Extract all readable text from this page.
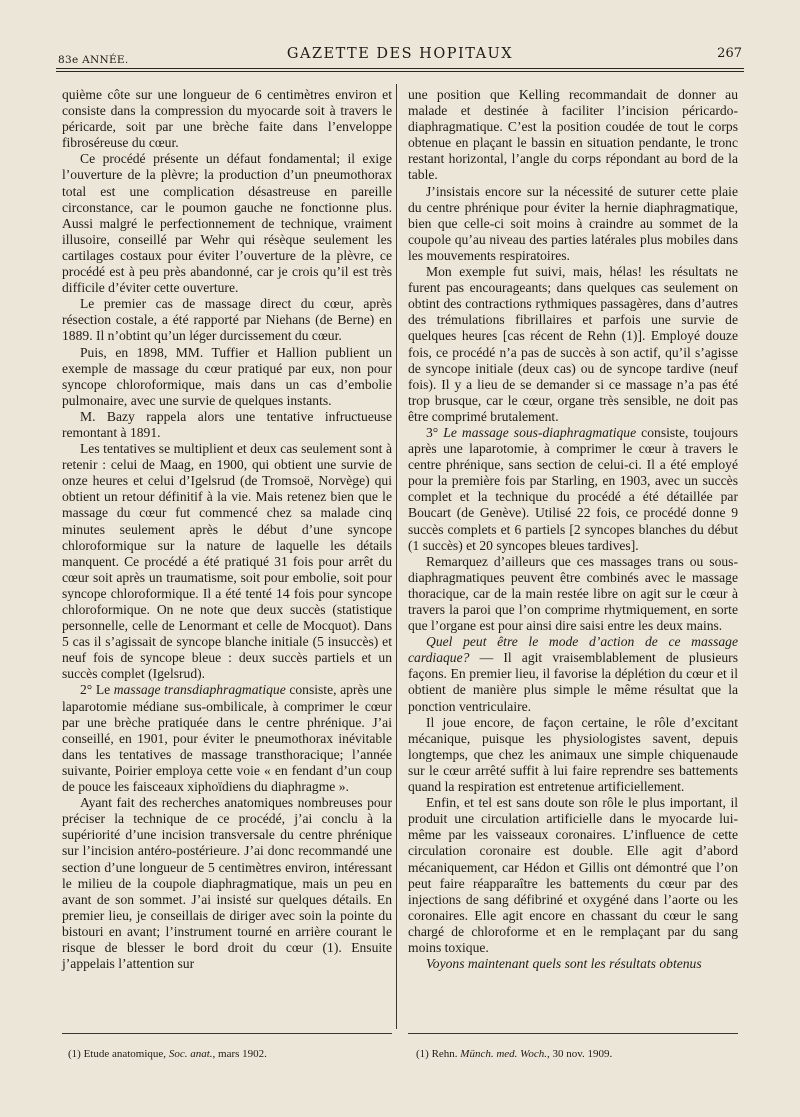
83e ANNÉE.	GAZETTE DES HOPITAUX	267

quième côte sur une longueur de 6 centimètres environ et consiste dans la compression du myocarde soit à travers le péricarde, soit par une brèche faite dans l’enveloppe fibroséreuse du cœur.

Ce procédé présente un défaut fondamental; il exige l’ouverture de la plèvre; la production d’un pneumothorax total est une complication désastreuse en pareille circonstance, car le poumon gauche ne fonctionne plus. Aussi malgré le perfectionnement de technique, vraiment illusoire, conseillé par Wehr qui résèque seulement les cartilages costaux pour éviter l’ouverture de la plèvre, ce procédé est à peu près abandonné, car je crois qu’il est très difficile d’éviter cette ouverture.

Le premier cas de massage direct du cœur, après résection costale, a été rapporté par Niehans (de Berne) en 1889. Il n’obtint qu’un léger durcissement du cœur.

Puis, en 1898, MM. Tuffier et Hallion publient un exemple de massage du cœur pratiqué par eux, non pour syncope chloroformique, mais dans un cas d’embolie pulmonaire, avec une survie de quelques instants.

M. Bazy rappela alors une tentative infructueuse remontant à 1891.

Les tentatives se multiplient et deux cas seulement sont à retenir : celui de Maag, en 1900, qui obtient une survie de onze heures et celui d’Igelsrud (de Tromsoë, Norvège) qui obtient un retour définitif à la vie. Mais retenez bien que le massage du cœur fut commencé chez sa malade cinq minutes seulement après le début d’une syncope chloroformique sur la nature de laquelle les détails manquent. Ce procédé a été pratiqué 31 fois pour arrêt du cœur soit après un traumatisme, soit pour embolie, soit pour syncope chloroformique. Il a été tenté 14 fois pour syncope chloroformique. On ne note que deux succès (statistique personnelle, celle de Lenormant et celle de Mocquot). Dans 5 cas il s’agissait de syncope blanche initiale (5 insuccès) et neuf fois de syncope bleue : deux succès partiels et un succès complet (Igelsrud).

2° Le massage transdiaphragmatique consiste, après une laparotomie médiane sus-ombilicale, à comprimer le cœur par une brèche pratiquée dans le centre phrénique. J’ai conseillé, en 1901, pour éviter le pneumothorax inévitable dans les tentatives de massage transthoracique; l’année suivante, Poirier employa cette voie « en fendant d’un coup de pouce les faisceaux xiphoïdiens du diaphragme ».

Ayant fait des recherches anatomiques nombreuses pour préciser la technique de ce procédé, j’ai conclu à la supériorité d’une incision transversale du centre phrénique sur l’incision antéro-postérieure. J’ai donc recommandé une section d’une longueur de 5 centimètres environ, intéressant le milieu de la coupole diaphragmatique, mais un peu en avant de son sommet. J’ai insisté sur quelques détails. En premier lieu, je conseillais de diriger avec soin la pointe du bistouri en avant; l’instrument tourné en arrière courant le risque de blesser le bord droit du cœur (1). Ensuite j’appelais l’attention sur

une position que Kelling recommandait de donner au malade et destinée à faciliter l’incision péricardo-diaphragmatique. C’est la position coudée de tout le corps obtenue en plaçant le bassin en situation pendante, le tronc restant horizontal, l’angle du corps répondant au bord de la table.

J’insistais encore sur la nécessité de suturer cette plaie du centre phrénique pour éviter la hernie diaphragmatique, bien que celle-ci soit moins à craindre au sommet de la coupole qu’au niveau des parties latérales plus mobiles dans les mouvements respiratoires.

Mon exemple fut suivi, mais, hélas! les résultats ne furent pas encourageants; dans quelques cas seulement on obtint des contractions rythmiques passagères, dans d’autres des trémulations fibrillaires et parfois une survie de quelques heures [cas récent de Rehn (1)]. Employé douze fois, ce procédé n’a pas de succès à son actif, qu’il s’agisse de syncope initiale (deux cas) ou de syncope tardive (neuf fois). Il y a lieu de se demander si ce massage n’a pas été trop brusque, car le cœur, organe très sensible, ne doit pas être comprimé brutalement.

3° Le massage sous-diaphragmatique consiste, toujours après une laparotomie, à comprimer le cœur à travers le centre phrénique, sans section de celui-ci. Il a été employé pour la première fois par Starling, en 1903, avec un succès complet et la technique du procédé a été détaillée par Boucart (de Genève). Utilisé 22 fois, ce procédé donne 9 succès complets et 6 partiels [2 syncopes blanches du début (1 succès) et 20 syncopes bleues tardives].

Remarquez d’ailleurs que ces massages trans ou sous-diaphragmatiques peuvent être combinés avec le massage thoracique, car de la main restée libre on agit sur le cœur à travers la paroi que l’on comprime rhytmiquement, en sorte que l’organe est pour ainsi dire saisi entre les deux mains.

Quel peut être le mode d’action de ce massage cardiaque? — Il agit vraisemblablement de plusieurs façons. En premier lieu, il favorise la déplétion du cœur et il obtient de manière plus simple le même résultat que la ponction ventriculaire.

Il joue encore, de façon certaine, le rôle d’excitant mécanique, puisque les physiologistes savent, depuis longtemps, que chez les animaux une simple chiquenaude sur le cœur arrêté suffit à lui faire reprendre ses battements quand la respiration est entretenue artificiellement.

Enfin, et tel est sans doute son rôle le plus important, il produit une circulation artificielle dans le myocarde lui-même par les vaisseaux coronaires. L’influence de cette circulation coronaire est double. Elle agit d’abord mécaniquement, car Hédon et Gillis ont démontré que l’on peut faire réapparaître les battements du cœur par des injections de sang défibriné et oxygéné dans l’aorte ou les coronaires. Elle agit encore en chassant du cœur le sang chargé de chloroforme et en le remplaçant par du sang moins toxique.

Voyons maintenant quels sont les résultats obtenus

(1) Etude anatomique, Soc. anat., mars 1902.	(1) Rehn. Münch. med. Woch., 30 nov. 1909.
